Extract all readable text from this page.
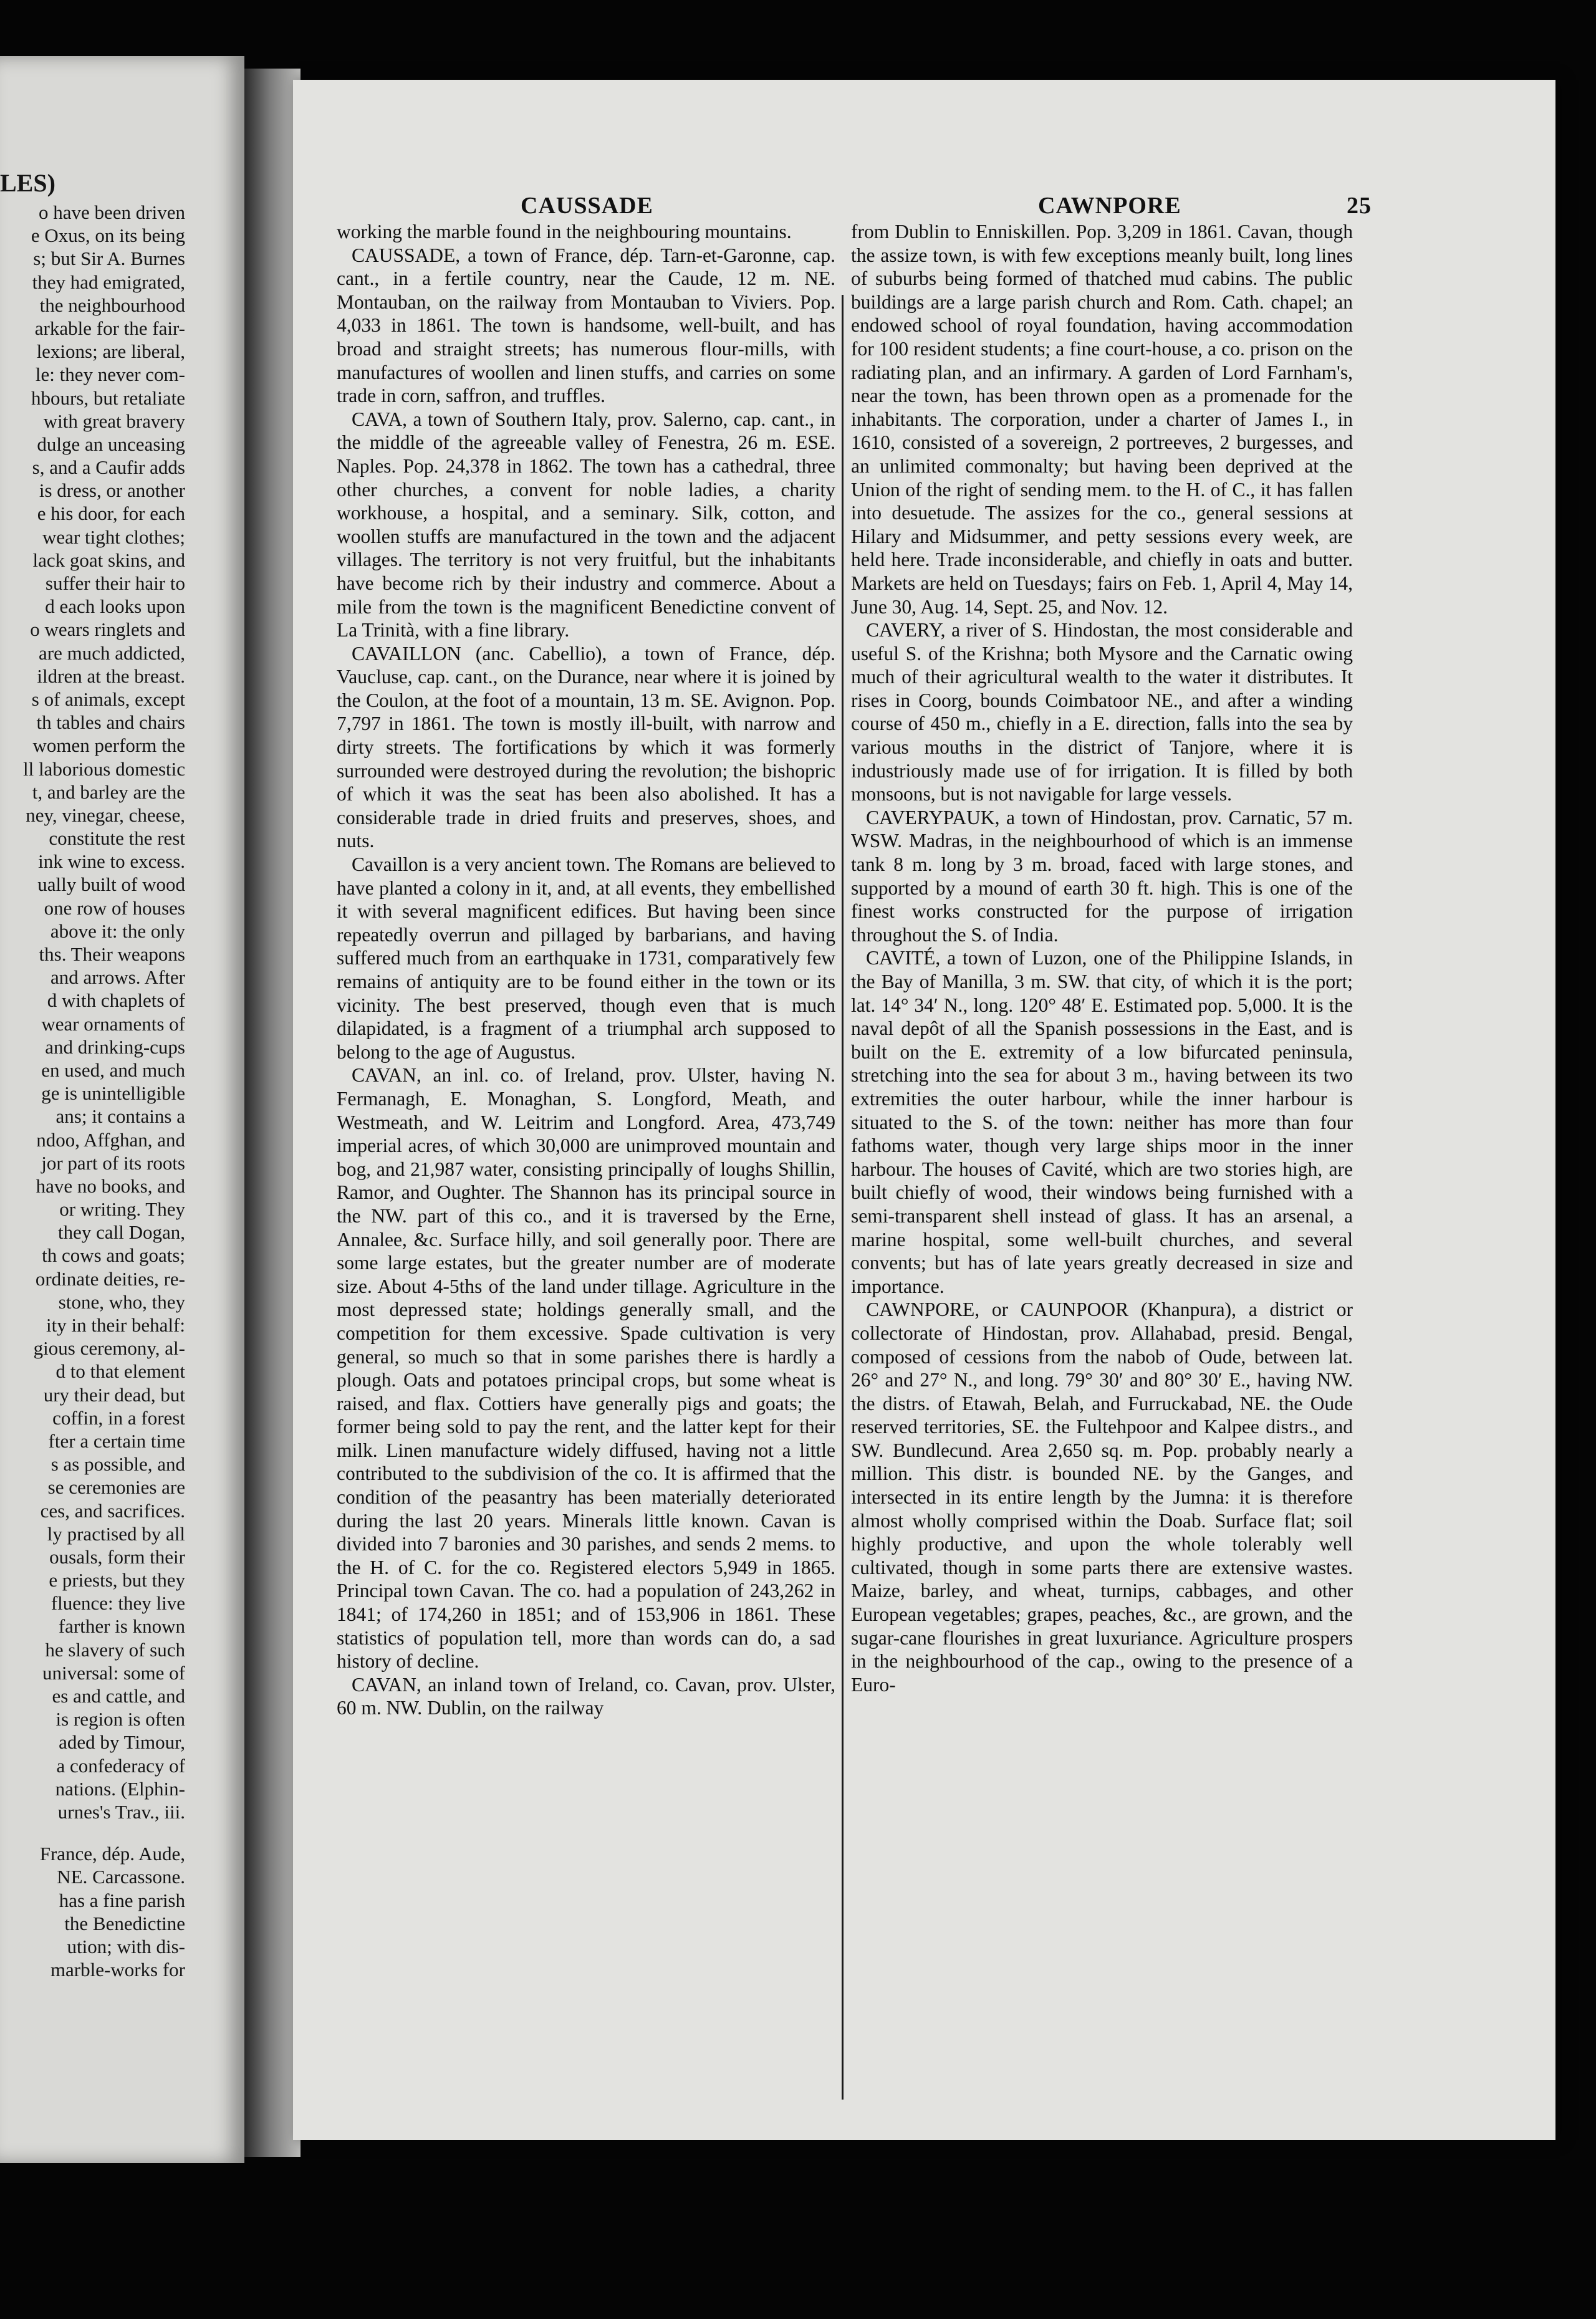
LES)
o have been driven
e Oxus, on its being
s; but Sir A. Burnes
they had emigrated,
the neighbourhood
arkable for the fair-
lexions; are liberal,
le: they never com-
hbours, but retaliate
with great bravery
dulge an unceasing
s, and a Caufir adds
is dress, or another
e his door, for each
wear tight clothes;
lack goat skins, and
suffer their hair to
d each looks upon
o wears ringlets and
are much addicted,
ildren at the breast.
s of animals, except
th tables and chairs
women perform the
ll laborious domestic
t, and barley are the
ney, vinegar, cheese,
constitute the rest
ink wine to excess.
ually built of wood
one row of houses
above it: the only
ths. Their weapons
and arrows. After
d with chaplets of
wear ornaments of
and drinking-cups
en used, and much
ge is unintelligible
ans; it contains a
ndoo, Affghan, and
jor part of its roots
have no books, and
or writing. They
they call Dogan,
th cows and goats;
ordinate deities, re-
stone, who, they
ity in their behalf:
gious ceremony, al-
d to that element
ury their dead, but
coffin, in a forest
fter a certain time
s as possible, and
se ceremonies are
ces, and sacrifices.
ly practised by all
ousals, form their
e priests, but they
fluence: they live
farther is known
he slavery of such
universal: some of
es and cattle, and
is region is often
aded by Timour,
a confederacy of
nations. (Elphin-
urnes's Trav., iii.
France, dép. Aude,
NE. Carcassone.
has a fine parish
the Benedictine
ution; with dis-
marble-works for
CAUSSADE	CAWNPORE	25

working the marble found in the neighbouring mountains.

CAUSSADE, a town of France, dép. Tarn-et-Garonne, cap. cant., in a fertile country, near the Caude, 12 m. NE. Montauban, on the railway from Montauban to Viviers. Pop. 4,033 in 1861. The town is handsome, well-built, and has broad and straight streets; has numerous flour-mills, with manufactures of woollen and linen stuffs, and carries on some trade in corn, saffron, and truffles.

CAVA, a town of Southern Italy, prov. Salerno, cap. cant., in the middle of the agreeable valley of Fenestra, 26 m. ESE. Naples. Pop. 24,378 in 1862. The town has a cathedral, three other churches, a convent for noble ladies, a charity workhouse, a hospital, and a seminary. Silk, cotton, and woollen stuffs are manufactured in the town and the adjacent villages. The territory is not very fruitful, but the inhabitants have become rich by their industry and commerce. About a mile from the town is the magnificent Benedictine convent of La Trinità, with a fine library.

CAVAILLON (anc. Cabellio), a town of France, dép. Vaucluse, cap. cant., on the Durance, near where it is joined by the Coulon, at the foot of a mountain, 13 m. SE. Avignon. Pop. 7,797 in 1861. The town is mostly ill-built, with narrow and dirty streets. The fortifications by which it was formerly surrounded were destroyed during the revolution; the bishopric of which it was the seat has been also abolished. It has a considerable trade in dried fruits and preserves, shoes, and nuts.

Cavaillon is a very ancient town. The Romans are believed to have planted a colony in it, and, at all events, they embellished it with several magnificent edifices. But having been since repeatedly overrun and pillaged by barbarians, and having suffered much from an earthquake in 1731, comparatively few remains of antiquity are to be found either in the town or its vicinity. The best preserved, though even that is much dilapidated, is a fragment of a triumphal arch supposed to belong to the age of Augustus.

CAVAN, an inl. co. of Ireland, prov. Ulster, having N. Fermanagh, E. Monaghan, S. Longford, Meath, and Westmeath, and W. Leitrim and Longford. Area, 473,749 imperial acres, of which 30,000 are unimproved mountain and bog, and 21,987 water, consisting principally of loughs Shillin, Ramor, and Oughter. The Shannon has its principal source in the NW. part of this co., and it is traversed by the Erne, Annalee, &c. Surface hilly, and soil generally poor. There are some large estates, but the greater number are of moderate size. About 4-5ths of the land under tillage. Agriculture in the most depressed state; holdings generally small, and the competition for them excessive. Spade cultivation is very general, so much so that in some parishes there is hardly a plough. Oats and potatoes principal crops, but some wheat is raised, and flax. Cottiers have generally pigs and goats; the former being sold to pay the rent, and the latter kept for their milk. Linen manufacture widely diffused, having not a little contributed to the subdivision of the co. It is affirmed that the condition of the peasantry has been materially deteriorated during the last 20 years. Minerals little known. Cavan is divided into 7 baronies and 30 parishes, and sends 2 mems. to the H. of C. for the co. Registered electors 5,949 in 1865. Principal town Cavan. The co. had a population of 243,262 in 1841; of 174,260 in 1851; and of 153,906 in 1861. These statistics of population tell, more than words can do, a sad history of decline.

CAVAN, an inland town of Ireland, co. Cavan, prov. Ulster, 60 m. NW. Dublin, on the railway

from Dublin to Enniskillen. Pop. 3,209 in 1861. Cavan, though the assize town, is with few exceptions meanly built, long lines of suburbs being formed of thatched mud cabins. The public buildings are a large parish church and Rom. Cath. chapel; an endowed school of royal foundation, having accommodation for 100 resident students; a fine court-house, a co. prison on the radiating plan, and an infirmary. A garden of Lord Farnham's, near the town, has been thrown open as a promenade for the inhabitants. The corporation, under a charter of James I., in 1610, consisted of a sovereign, 2 portreeves, 2 burgesses, and an unlimited commonalty; but having been deprived at the Union of the right of sending mem. to the H. of C., it has fallen into desuetude. The assizes for the co., general sessions at Hilary and Midsummer, and petty sessions every week, are held here. Trade inconsiderable, and chiefly in oats and butter. Markets are held on Tuesdays; fairs on Feb. 1, April 4, May 14, June 30, Aug. 14, Sept. 25, and Nov. 12.

CAVERY, a river of S. Hindostan, the most considerable and useful S. of the Krishna; both Mysore and the Carnatic owing much of their agricultural wealth to the water it distributes. It rises in Coorg, bounds Coimbatoor NE., and after a winding course of 450 m., chiefly in a E. direction, falls into the sea by various mouths in the district of Tanjore, where it is industriously made use of for irrigation. It is filled by both monsoons, but is not navigable for large vessels.

CAVERYPAUK, a town of Hindostan, prov. Carnatic, 57 m. WSW. Madras, in the neighbourhood of which is an immense tank 8 m. long by 3 m. broad, faced with large stones, and supported by a mound of earth 30 ft. high. This is one of the finest works constructed for the purpose of irrigation throughout the S. of India.

CAVITÉ, a town of Luzon, one of the Philippine Islands, in the Bay of Manilla, 3 m. SW. that city, of which it is the port; lat. 14° 34′ N., long. 120° 48′ E. Estimated pop. 5,000. It is the naval depôt of all the Spanish possessions in the East, and is built on the E. extremity of a low bifurcated peninsula, stretching into the sea for about 3 m., having between its two extremities the outer harbour, while the inner harbour is situated to the S. of the town: neither has more than four fathoms water, though very large ships moor in the inner harbour. The houses of Cavité, which are two stories high, are built chiefly of wood, their windows being furnished with a semi-transparent shell instead of glass. It has an arsenal, a marine hospital, some well-built churches, and several convents; but has of late years greatly decreased in size and importance.

CAWNPORE, or CAUNPOOR (Khanpura), a district or collectorate of Hindostan, prov. Allahabad, presid. Bengal, composed of cessions from the nabob of Oude, between lat. 26° and 27° N., and long. 79° 30′ and 80° 30′ E., having NW. the distrs. of Etawah, Belah, and Furruckabad, NE. the Oude reserved territories, SE. the Fultehpoor and Kalpee distrs., and SW. Bundlecund. Area 2,650 sq. m. Pop. probably nearly a million. This distr. is bounded NE. by the Ganges, and intersected in its entire length by the Jumna: it is therefore almost wholly comprised within the Doab. Surface flat; soil highly productive, and upon the whole tolerably well cultivated, though in some parts there are extensive wastes. Maize, barley, and wheat, turnips, cabbages, and other European vegetables; grapes, peaches, &c., are grown, and the sugar-cane flourishes in great luxuriance. Agriculture prospers in the neighbourhood of the cap., owing to the presence of a Euro-
